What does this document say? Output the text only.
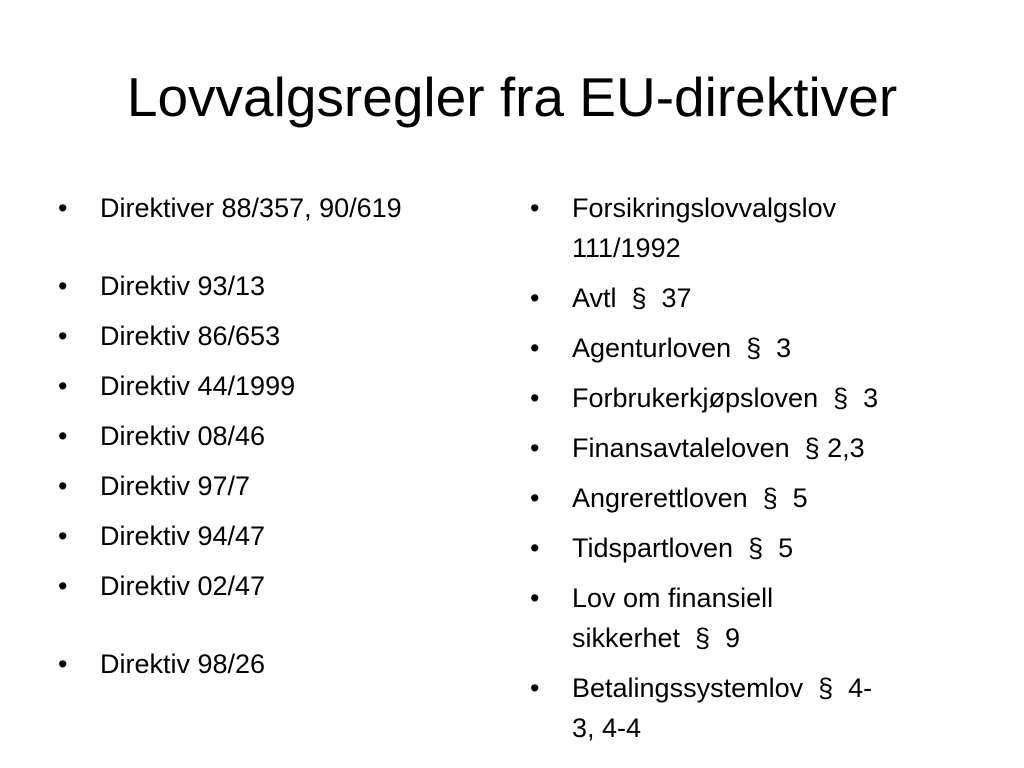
Lovvalgsregler fra EU-direktiver
•	Direktiver 88/357, 90/619
•	Direktiv 93/13
•	Direktiv 86/653
•	Direktiv 44/1999
•	Direktiv 08/46
•	Direktiv 97/7
•	Direktiv 94/47
•	Direktiv 02/47
•	Direktiv 98/26
•	Forsikringslovvalgslov
111/1992
•	Avtl  §  37
•	Agenturloven  §  3
•	Forbrukerkjøpsloven  §  3
•	Finansavtaleloven  § 2,3
•	Angrerettloven  §  5
•	Tidspartloven  §  5
•	Lov om finansiell
sikkerhet  §  9
•	Betalingssystemlov  §  4-
3, 4-4
